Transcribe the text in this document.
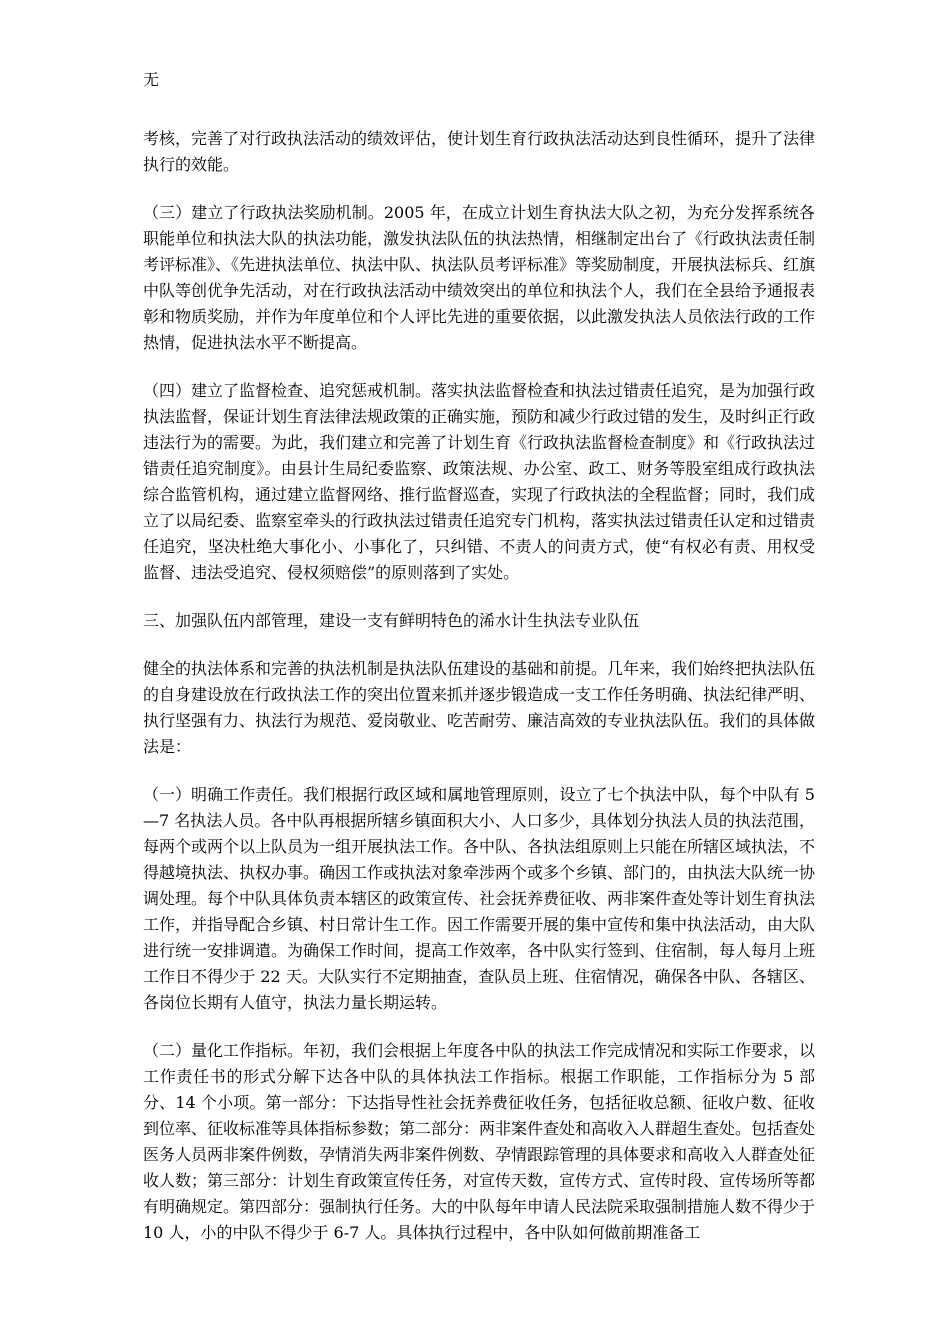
无

考核，完善了对行政执法活动的绩效评估，使计划生育行政执法活动达到良性循环，提升了法律执行的效能。

（三）建立了行政执法奖励机制。2005 年，在成立计划生育执法大队之初，为充分发挥系统各职能单位和执法大队的执法功能，激发执法队伍的执法热情，相继制定出台了《行政执法责任制考评标准》、《先进执法单位、执法中队、执法队员考评标准》等奖励制度，开展执法标兵、红旗中队等创优争先活动，对在行政执法活动中绩效突出的单位和执法个人，我们在全县给予通报表彰和物质奖励，并作为年度单位和个人评比先进的重要依据，以此激发执法人员依法行政的工作热情，促进执法水平不断提高。

（四）建立了监督检查、追究惩戒机制。落实执法监督检查和执法过错责任追究，是为加强行政执法监督，保证计划生育法律法规政策的正确实施，预防和减少行政过错的发生，及时纠正行政违法行为的需要。为此，我们建立和完善了计划生育《行政执法监督检查制度》和《行政执法过错责任追究制度》。由县计生局纪委监察、政策法规、办公室、政工、财务等股室组成行政执法综合监管机构，通过建立监督网络、推行监督巡查，实现了行政执法的全程监督；同时，我们成立了以局纪委、监察室牵头的行政执法过错责任追究专门机构，落实执法过错责任认定和过错责任追究，坚决杜绝大事化小、小事化了，只纠错、不责人的问责方式，使“有权必有责、用权受监督、违法受追究、侵权须赔偿”的原则落到了实处。

三、加强队伍内部管理，建设一支有鲜明特色的浠水计生执法专业队伍

健全的执法体系和完善的执法机制是执法队伍建设的基础和前提。几年来，我们始终把执法队伍的自身建设放在行政执法工作的突出位置来抓并逐步锻造成一支工作任务明确、执法纪律严明、执行坚强有力、执法行为规范、爱岗敬业、吃苦耐劳、廉洁高效的专业执法队伍。我们的具体做法是：

（一）明确工作责任。我们根据行政区域和属地管理原则，设立了七个执法中队，每个中队有 5—7 名执法人员。各中队再根据所辖乡镇面积大小、人口多少，具体划分执法人员的执法范围，每两个或两个以上队员为一组开展执法工作。各中队、各执法组原则上只能在所辖区域执法，不得越境执法、执权办事。确因工作或执法对象牵涉两个或多个乡镇、部门的，由执法大队统一协调处理。每个中队具体负责本辖区的政策宣传、社会抚养费征收、两非案件查处等计划生育执法工作，并指导配合乡镇、村日常计生工作。因工作需要开展的集中宣传和集中执法活动，由大队进行统一安排调遣。为确保工作时间，提高工作效率，各中队实行签到、住宿制，每人每月上班工作日不得少于 22 天。大队实行不定期抽查，查队员上班、住宿情况，确保各中队、各辖区、各岗位长期有人值守，执法力量长期运转。

（二）量化工作指标。年初，我们会根据上年度各中队的执法工作完成情况和实际工作要求，以工作责任书的形式分解下达各中队的具体执法工作指标。根据工作职能，工作指标分为 5 部分、14 个小项。第一部分：下达指导性社会抚养费征收任务，包括征收总额、征收户数、征收到位率、征收标准等具体指标参数；第二部分：两非案件查处和高收入人群超生查处。包括查处医务人员两非案件例数，孕情消失两非案件例数、孕情跟踪管理的具体要求和高收入人群查处征收人数；第三部分：计划生育政策宣传任务，对宣传天数，宣传方式、宣传时段、宣传场所等都有明确规定。第四部分：强制执行任务。大的中队每年申请人民法院采取强制措施人数不得少于 10 人，小的中队不得少于 6-7 人。具体执行过程中，各中队如何做前期准备工
